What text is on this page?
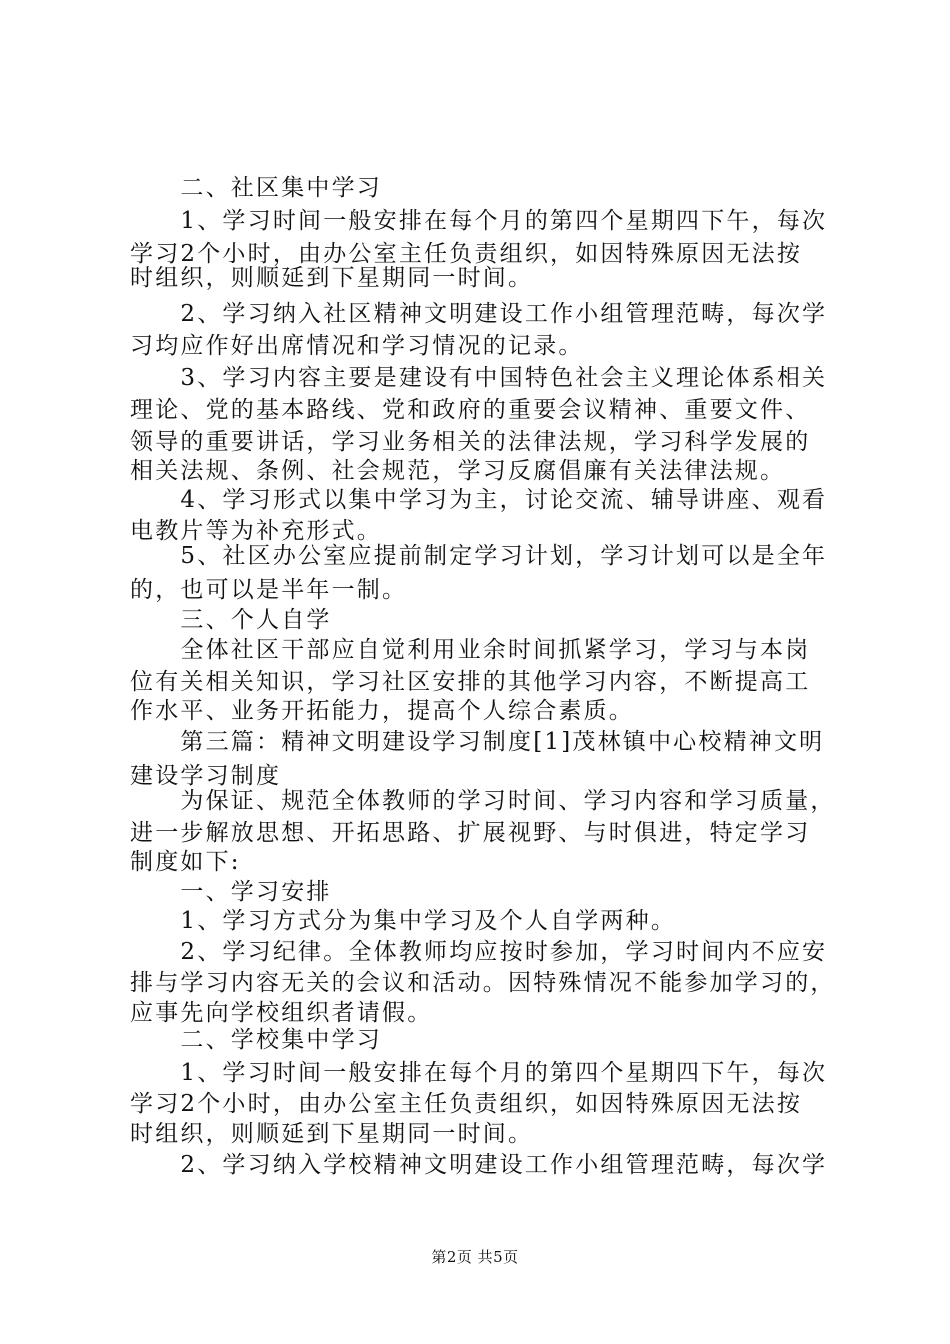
　　二、社区集中学习
　　1、学习时间一般安排在每个月的第四个星期四下午，每次
学习2个小时，由办公室主任负责组织，如因特殊原因无法按
时组织，则顺延到下星期同一时间。
　　2、学习纳入社区精神文明建设工作小组管理范畴，每次学
习均应作好出席情况和学习情况的记录。
　　3、学习内容主要是建设有中国特色社会主义理论体系相关
理论、党的基本路线、党和政府的重要会议精神、重要文件、
领导的重要讲话，学习业务相关的法律法规，学习科学发展的
相关法规、条例、社会规范，学习反腐倡廉有关法律法规。
　　4、学习形式以集中学习为主，讨论交流、辅导讲座、观看
电教片等为补充形式。
　　5、社区办公室应提前制定学习计划，学习计划可以是全年
的，也可以是半年一制。
　　三、个人自学
　　全体社区干部应自觉利用业余时间抓紧学习，学习与本岗
位有关相关知识，学习社区安排的其他学习内容，不断提高工
作水平、业务开拓能力，提高个人综合素质。
　　第三篇：精神文明建设学习制度[1]茂林镇中心校精神文明
建设学习制度
　　为保证、规范全体教师的学习时间、学习内容和学习质量，
进一步解放思想、开拓思路、扩展视野、与时俱进，特定学习
制度如下:
　　一、学习安排
　　1、学习方式分为集中学习及个人自学两种。
　　2、学习纪律。全体教师均应按时参加，学习时间内不应安
排与学习内容无关的会议和活动。因特殊情况不能参加学习的，
应事先向学校组织者请假。
　　二、学校集中学习
　　1、学习时间一般安排在每个月的第四个星期四下午，每次
学习2个小时，由办公室主任负责组织，如因特殊原因无法按
时组织，则顺延到下星期同一时间。
　　2、学习纳入学校精神文明建设工作小组管理范畴，每次学
第2页 共5页
